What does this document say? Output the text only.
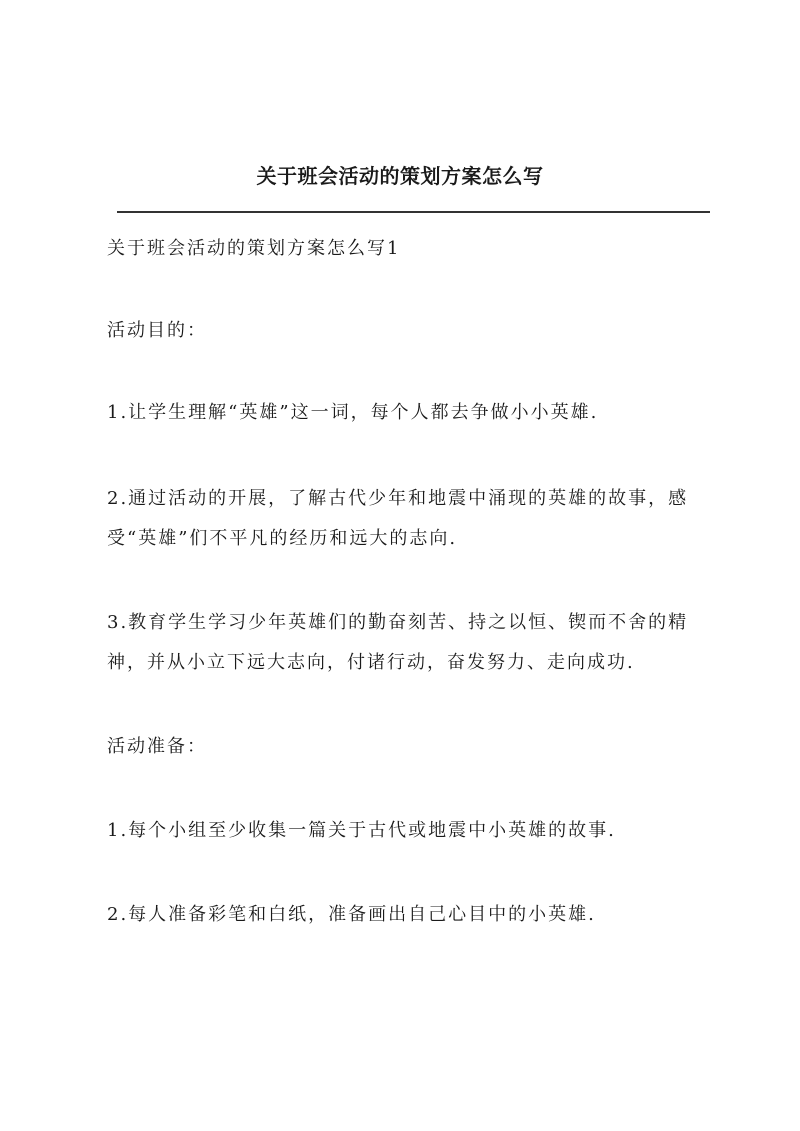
关于班会活动的策划方案怎么写

关于班会活动的策划方案怎么写1

活动目的：

1.让学生理解“英雄”这一词，每个人都去争做小小英雄.

2.通过活动的开展，了解古代少年和地震中涌现的英雄的故事，感受“英雄”们不平凡的经历和远大的志向.

3.教育学生学习少年英雄们的勤奋刻苦、持之以恒、锲而不舍的精神，并从小立下远大志向，付诸行动，奋发努力、走向成功.

活动准备：

1.每个小组至少收集一篇关于古代或地震中小英雄的故事.

2.每人准备彩笔和白纸，准备画出自己心目中的小英雄.
